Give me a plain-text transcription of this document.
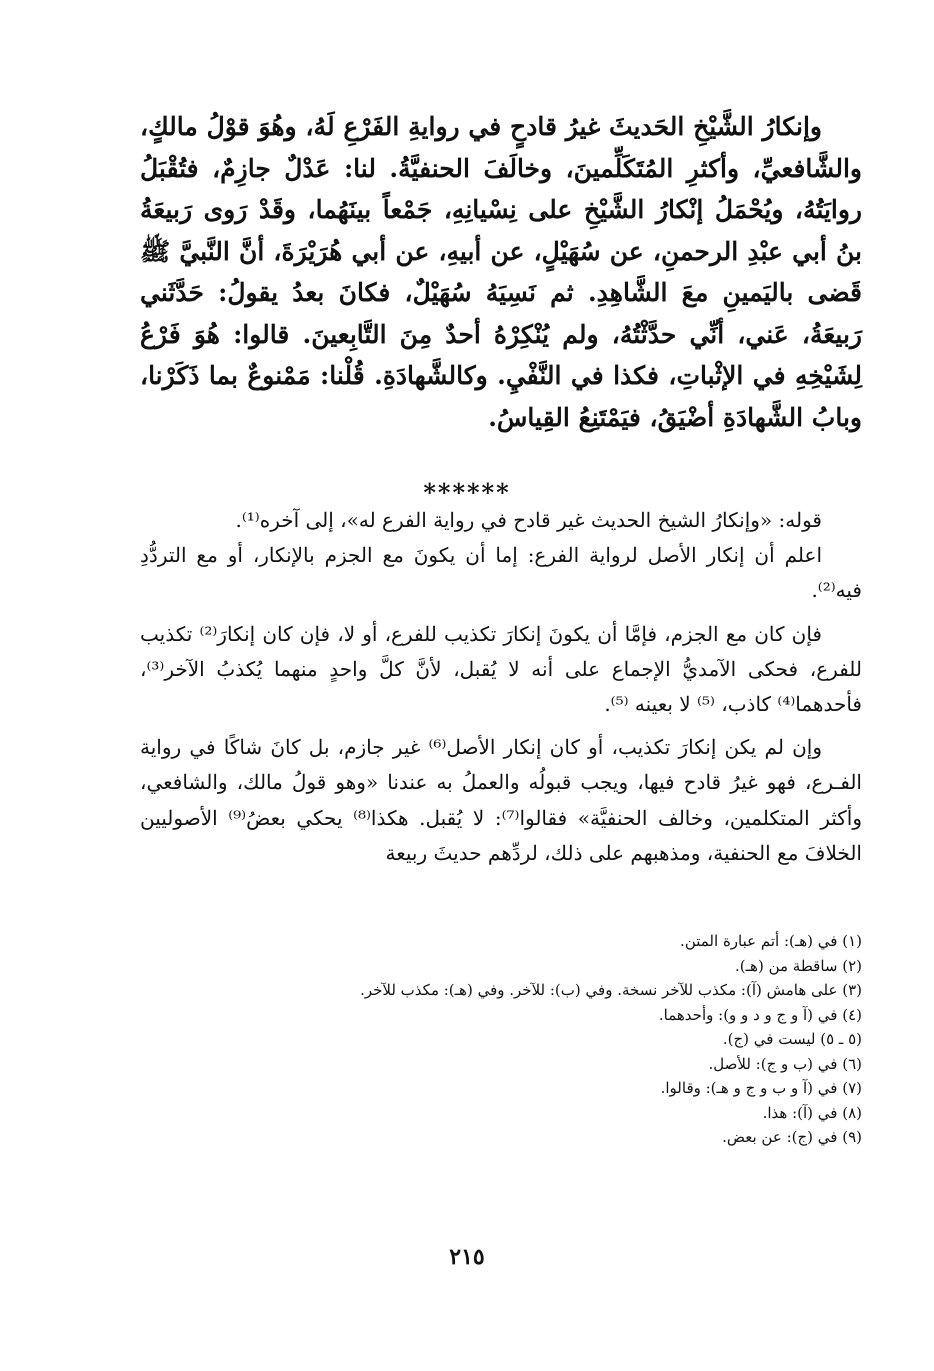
وإنكارُ الشَّيْخِ الحَديثَ غيرُ قادحٍ في روايةِ الفَرْعِ لَهُ، وهُوَ قوْلُ مالكٍ، والشَّافعيِّ، وأكثرِ المُتَكَلِّمينَ، وخالَفَ الحنفيَّةُ. لنا: عَدْلٌ جازِمٌ، فتُقْبَلُ روايَتُهُ، ويُحْمَلُ إنْكارُ الشَّيْخِ على نِسْيانِهِ، جَمْعاً بينَهُما، وقَدْ رَوى رَبيعَةُ بنُ أبي عبْدِ الرحمنِ، عن سُهَيْلٍ، عن أبيهِ، عن أبي هُرَيْرَةَ، أنَّ النَّبيَّ ﷺ قَضى باليَمينِ معَ الشَّاهِدِ. ثم نَسِيَهُ سُهَيْلٌ، فكانَ بعدُ يقولُ: حَدَّثَني رَبيعَةُ، عَني، أنِّي حدَّثْتُهُ، ولم يُنْكِرْهُ أحدٌ مِنَ التَّابِعينَ. قالوا: هُوَ فَرْعُ لِشَيْخِهِ في الإثْباتِ، فكذا في النَّفْيِ. وكالشَّهادَةِ. قُلْنا: مَمْنوعٌ بما ذَكَرْنا، وبابُ الشَّهادَةِ أضْيَقُ، فيَمْتَنِعُ القِياسُ.

******

قوله: «وإنكارُ الشيخ الحديث غير قادح في رواية الفرع له»، إلى آخره⁽¹⁾.

اعلم أن إنكار الأصل لرواية الفرع: إما أن يكونَ مع الجزم بالإنكار، أو مع التردُّدِ فيه⁽²⁾.

فإن كان مع الجزم، فإمَّا أن يكونَ إنكارَ تكذيب للفرع، أو لا، فإن كان إنكارَ⁽²⁾ تكذيب للفرع، فحكى الآمديُّ الإجماع على أنه لا يُقبل، لأنَّ كلَّ واحدٍ منهما يُكذبُ الآخر⁽³⁾، فأحدهما⁽⁴⁾ كاذب، ⁽⁵⁾ لا بعينه ⁽⁵⁾.

وإن لم يكن إنكارَ تكذيب، أو كان إنكار الأصل⁽⁶⁾ غير جازم، بل كانَ شاكًا في رواية الفـرع، فهو غيرُ قادح فيها، ويجب قبولُه والعملُ به عندنا «وهو قولُ مالك، والشافعي، وأكثر المتكلمين، وخالف الحنفيَّة» فقالوا⁽⁷⁾: لا يُقبل. هكذا⁽⁸⁾ يحكي بعضُ⁽⁹⁾ الأصوليين الخلافَ مع الحنفية، ومذهبهم على ذلك، لردِّهم حديثَ ربيعة

(١) في (هـ): أتم عبارة المتن.
(٢) ساقطة من (هـ).
(٣) على هامش (آ): مكذب للآخر نسخة. وفي (ب): للآخر. وفي (هـ): مكذب للآخر.
(٤) في (آ و ج و د و و): وأحدهما.
(٥ ـ ٥) ليست في (ج).
(٦) في (ب و ج): للأصل.
(٧) في (آ و ب و ج و هـ): وقالوا.
(٨) في (آ): هذا.
(٩) في (ج): عن بعض.
٢١٥
